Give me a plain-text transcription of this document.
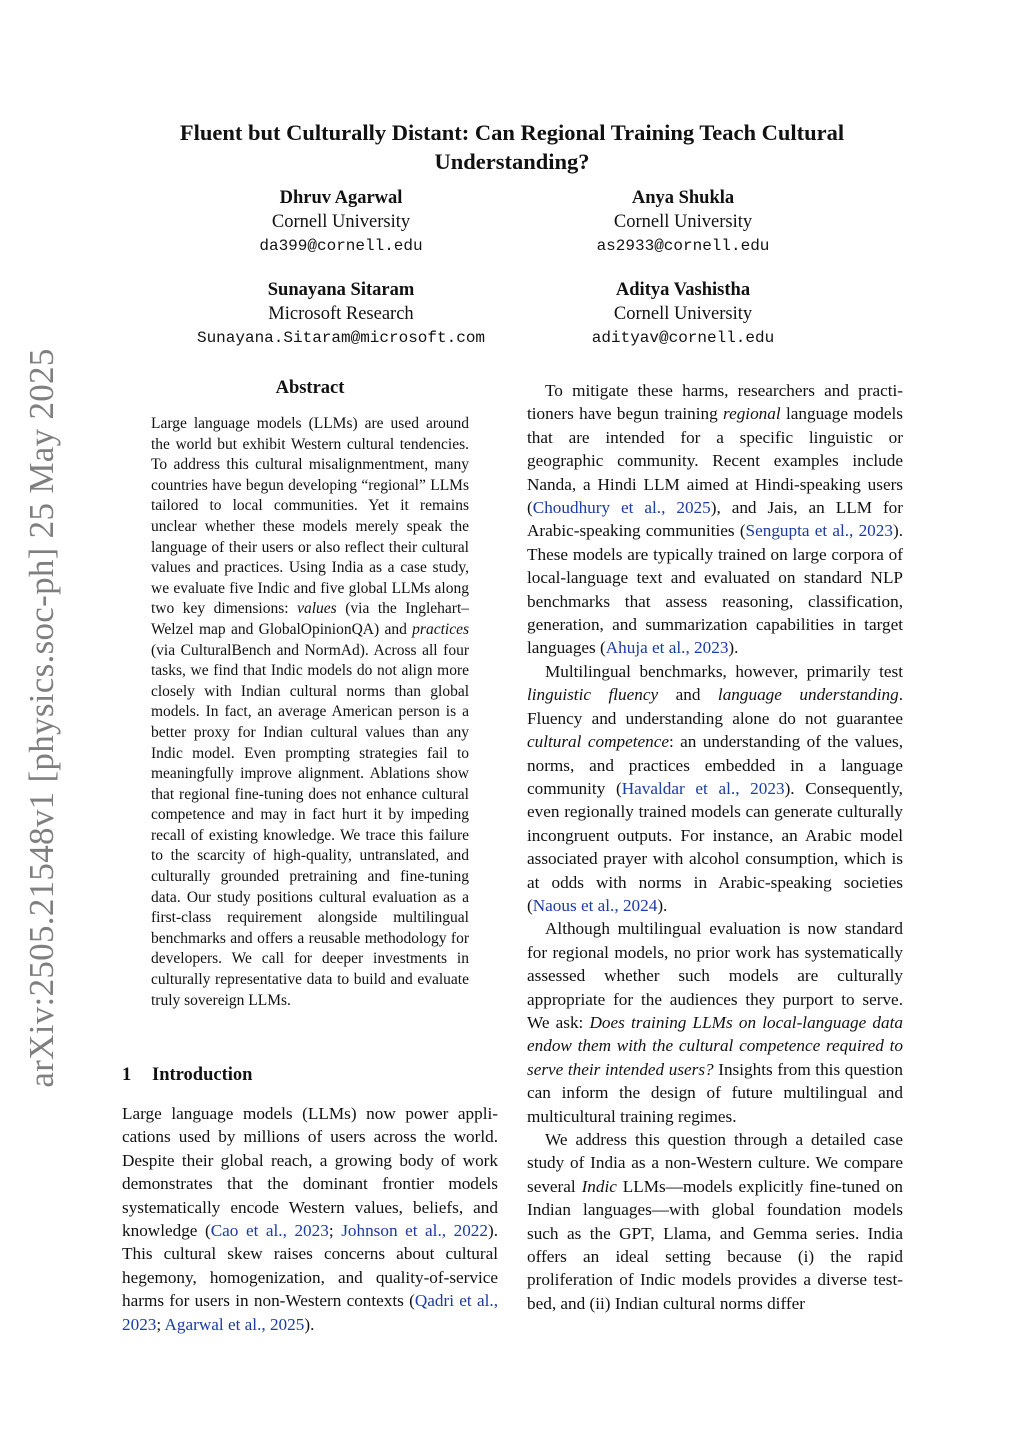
arXiv:2505.21548v1 [physics.soc-ph] 25 May 2025
Fluent but Culturally Distant: Can Regional Training Teach Cultural Understanding?
Dhruv Agarwal
Cornell University
da399@cornell.edu
Anya Shukla
Cornell University
as2933@cornell.edu
Sunayana Sitaram
Microsoft Research
Sunayana.Sitaram@microsoft.com
Aditya Vashistha
Cornell University
adityav@cornell.edu
Abstract
Large language models (LLMs) are used around the world but exhibit Western cultural tendencies. To address this cultural misalignmentment, many countries have begun developing “regional” LLMs tailored to local communities. Yet it remains unclear whether these models merely speak the language of their users or also reflect their cultural values and practices. Using India as a case study, we evaluate five Indic and five global LLMs along two key dimensions: values (via the Inglehart–Welzel map and GlobalOpinionQA) and practices (via CulturalBench and NormAd). Across all four tasks, we find that Indic models do not align more closely with Indian cultural norms than global models. In fact, an average American person is a better proxy for Indian cultural values than any Indic model. Even prompting strategies fail to meaningfully improve alignment. Ablations show that regional fine-tuning does not enhance cultural competence and may in fact hurt it by impeding recall of existing knowledge. We trace this failure to the scarcity of high-quality, untranslated, and culturally grounded pretraining and fine-tuning data. Our study positions cultural evaluation as a first-class requirement alongside multilingual benchmarks and offers a reusable methodology for developers. We call for deeper investments in culturally representative data to build and evaluate truly sovereign LLMs.
1 Introduction

Large language models (LLMs) now power applications used by millions of users across the world. Despite their global reach, a growing body of work demonstrates that the dominant frontier models systematically encode Western values, beliefs, and knowledge (Cao et al., 2023; Johnson et al., 2022). This cultural skew raises concerns about cultural hegemony, homogenization, and quality-of-service harms for users in non-Western contexts (Qadri et al., 2023; Agarwal et al., 2025).

To mitigate these harms, researchers and practitioners have begun training regional language models that are intended for a specific linguistic or geographic community. Recent examples include Nanda, a Hindi LLM aimed at Hindi-speaking users (Choudhury et al., 2025), and Jais, an LLM for Arabic-speaking communities (Sengupta et al., 2023). These models are typically trained on large corpora of local-language text and evaluated on standard NLP benchmarks that assess reasoning, classification, generation, and summarization capabilities in target languages (Ahuja et al., 2023).

Multilingual benchmarks, however, primarily test linguistic fluency and language understanding. Fluency and understanding alone do not guarantee cultural competence: an understanding of the values, norms, and practices embedded in a language community (Havaldar et al., 2023). Consequently, even regionally trained models can generate culturally incongruent outputs. For instance, an Arabic model associated prayer with alcohol consumption, which is at odds with norms in Arabic-speaking societies (Naous et al., 2024).

Although multilingual evaluation is now standard for regional models, no prior work has systematically assessed whether such models are culturally appropriate for the audiences they purport to serve. We ask: Does training LLMs on local-language data endow them with the cultural competence required to serve their intended users? Insights from this question can inform the design of future multilingual and multicultural training regimes.

We address this question through a detailed case study of India as a non-Western culture. We compare several Indic LLMs—models explicitly fine-tuned on Indian languages—with global foundation models such as the GPT, Llama, and Gemma series. India offers an ideal setting because (i) the rapid proliferation of Indic models provides a diverse test-bed, and (ii) Indian cultural norms differ
